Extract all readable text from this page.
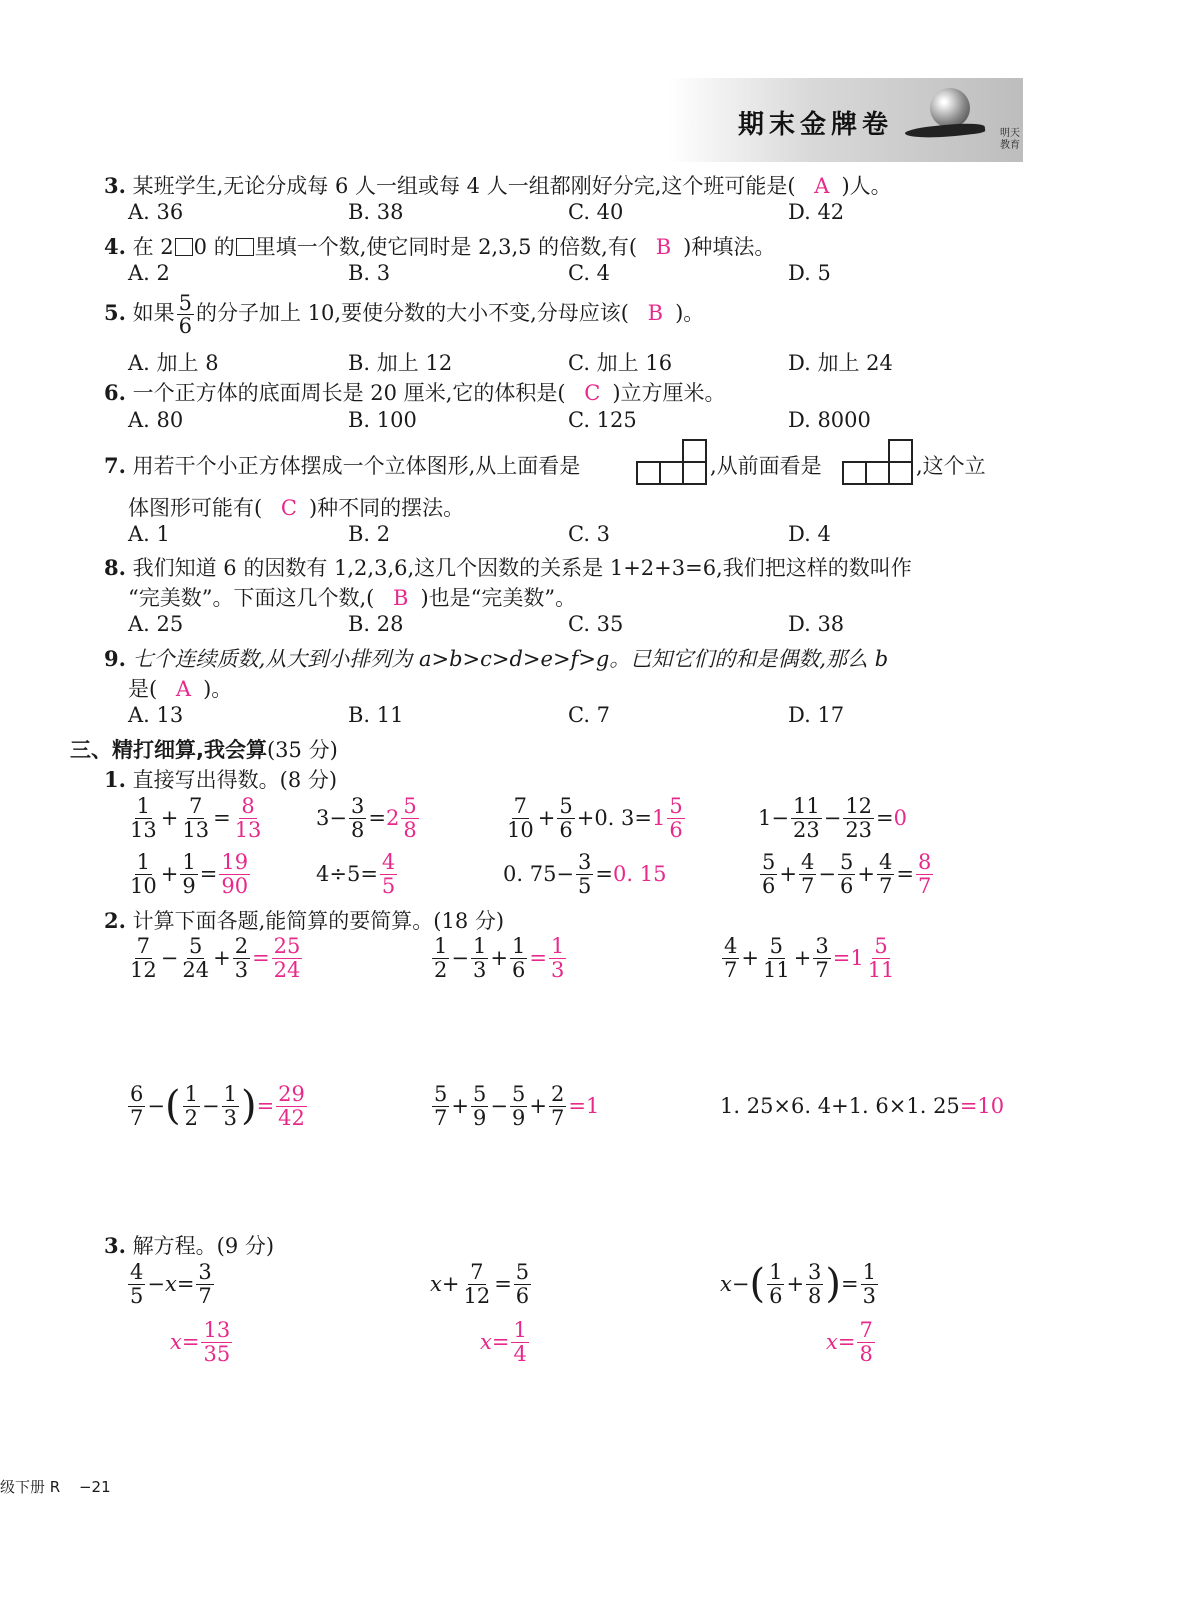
期末金牌卷	明天
教育
3. 某班学生,无论分成每 6 人一组或每 4 人一组都刚好分完,这个班可能是( A )人。
A. 36	B. 38	C. 40	D. 42
4. 在 2 0 的 里填一个数,使它同时是 2,3,5 的倍数,有( B )种填法。
A. 2	B. 3	C. 4	D. 5
5. 如果 $\frac{5}{6}$ 的分子加上 10,要使分数的大小不变,分母应该( B )。
A. 加上 8	B. 加上 12	C. 加上 16	D. 加上 24
6. 一个正方体的底面周长是 20 厘米,它的体积是( C )立方厘米。
A. 80	B. 100	C. 125	D. 8000
7. 用若干个小正方体摆成一个立体图形,从上面看是	,从前面看是	,这个立
体图形可能有( C )种不同的摆法。
A. 1	B. 2	C. 3	D. 4
8. 我们知道 6 的因数有 1,2,3,6,这几个因数的关系是 1+2+3=6,我们把这样的数叫作
“完美数”。下面这几个数,( B )也是“完美数”。
A. 25	B. 28	C. 35	D. 38
9. 七个连续质数,从大到小排列为 a>b>c>d>e>f>g。已知它们的和是偶数,那么 b
是( A )。
A. 13	B. 11	C. 7	D. 17
三、精打细算,我会算(35 分)
1. 直接写出得数。(8 分)
$\frac{1}{13} + \frac{7}{13} = \frac{8}{13}$	$3- \frac{3}{8} = 2 \frac{5}{8}$	$\frac{7}{10} + \frac{5}{6} +0$. $3= 1 \frac{5}{6}$	$1- \frac{11}{23} - \frac{12}{23} = 0$
$\frac{1}{10} + \frac{1}{9} = \frac{19}{90}$	$4\div 5= \frac{4}{5}$	0. $75- \frac{3}{5} = 0$. 15	$\frac{5}{6} + \frac{4}{7} - \frac{5}{6} + \frac{4}{7} = \frac{8}{7}$
2. 计算下面各题,能简算的要简算。(18 分)
$\frac{7}{12} - \frac{5}{24} + \frac{2}{3} = \frac{25}{24}$	$\frac{1}{2} - \frac{1}{3} + \frac{1}{6} = \frac{1}{3}$	$\frac{4}{7} + \frac{5}{11} + \frac{3}{7} = 1 \frac{5}{11}$
$\frac{6}{7}$ − ( $\frac{1}{2} - \frac{1}{3}$ ) = $\frac{29}{42}$	$\frac{5}{7} + \frac{5}{9} - \frac{5}{9} + \frac{2}{7} = 1$	1. 25×6. 4+1. 6×1. 25 = 10
3. 解方程。(9 分)
$\frac{4}{5} -x= \frac{3}{7}$
$x= \frac{13}{35}$
$x+ \frac{7}{12} = \frac{5}{6}$
$x= \frac{1}{4}$
x− ( $\frac{1}{6} + \frac{3}{8}$ ) = $\frac{1}{3}$
$x= \frac{7}{8}$
级下册 R −21
